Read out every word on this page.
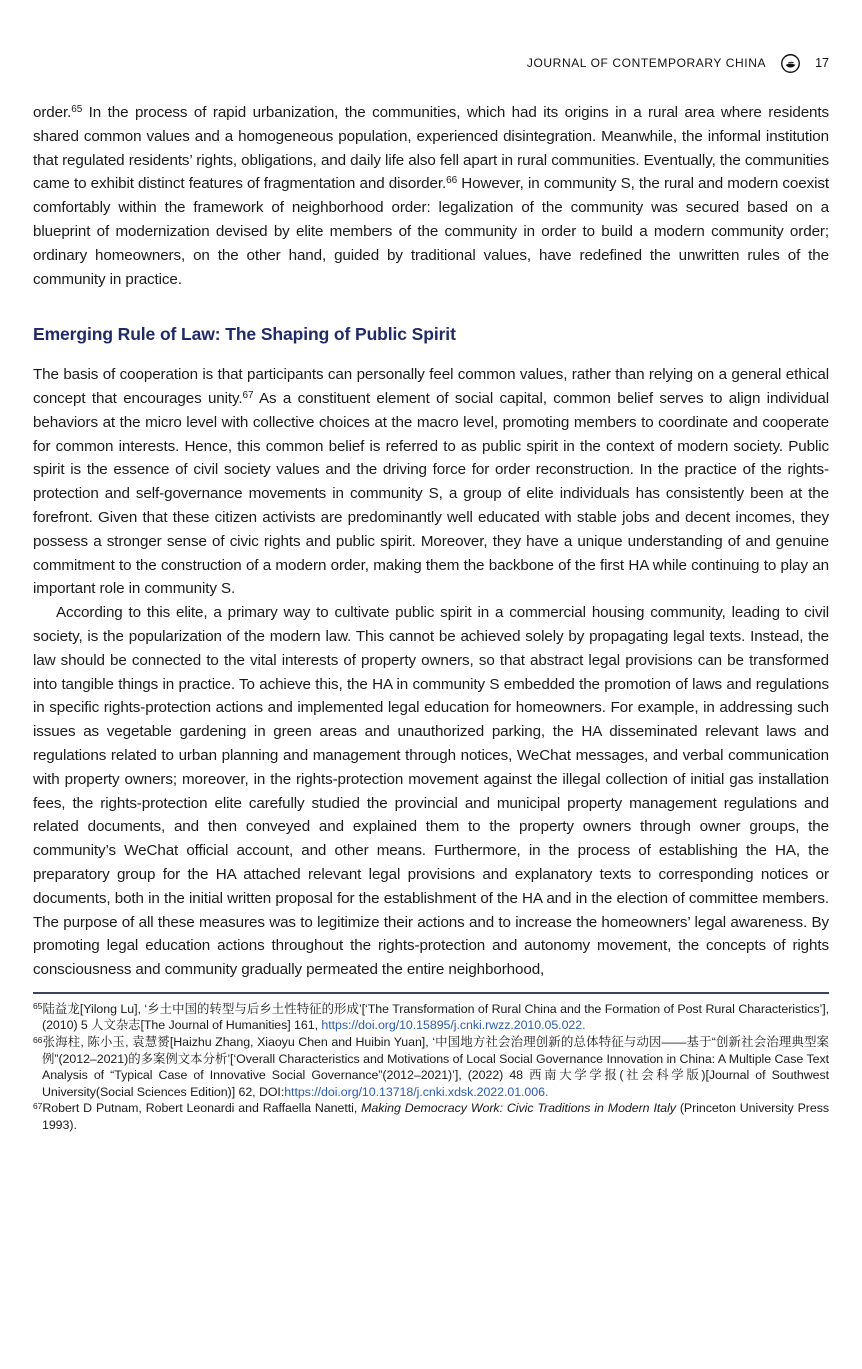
JOURNAL OF CONTEMPORARY CHINA	17

order.$^{65}$ In the process of rapid urbanization, the communities, which had its origins in a rural area where residents shared common values and a homogeneous population, experienced disintegration. Meanwhile, the informal institution that regulated residents’ rights, obligations, and daily life also fell apart in rural communities. Eventually, the communities came to exhibit distinct features of fragmentation and disorder.$^{66}$ However, in community S, the rural and modern coexist comfortably within the framework of neighborhood order: legalization of the community was secured based on a blueprint of modernization devised by elite members of the community in order to build a modern community order; ordinary homeowners, on the other hand, guided by traditional values, have redefined the unwritten rules of the community in practice.

Emerging Rule of Law: The Shaping of Public Spirit

The basis of cooperation is that participants can personally feel common values, rather than relying on a general ethical concept that encourages unity.$^{67}$ As a constituent element of social capital, common belief serves to align individual behaviors at the micro level with collective choices at the macro level, promoting members to coordinate and cooperate for common interests. Hence, this common belief is referred to as public spirit in the context of modern society. Public spirit is the essence of civil society values and the driving force for order reconstruction. In the practice of the rights-protection and self-governance movements in community S, a group of elite individuals has consistently been at the forefront. Given that these citizen activists are predominantly well educated with stable jobs and decent incomes, they possess a stronger sense of civic rights and public spirit. Moreover, they have a unique understanding of and genuine commitment to the construction of a modern order, making them the backbone of the first HA while continuing to play an important role in community S.

According to this elite, a primary way to cultivate public spirit in a commercial housing community, leading to civil society, is the popularization of the modern law. This cannot be achieved solely by propagating legal texts. Instead, the law should be connected to the vital interests of property owners, so that abstract legal provisions can be transformed into tangible things in practice. To achieve this, the HA in community S embedded the promotion of laws and regulations in specific rights-protection actions and implemented legal education for homeowners. For example, in addressing such issues as vegetable gardening in green areas and unauthorized parking, the HA disseminated relevant laws and regulations related to urban planning and management through notices, WeChat messages, and verbal communication with property owners; moreover, in the rights-protection movement against the illegal collection of initial gas installation fees, the rights-protection elite carefully studied the provincial and municipal property management regulations and related documents, and then conveyed and explained them to the property owners through owner groups, the community’s WeChat official account, and other means. Furthermore, in the process of establishing the HA, the preparatory group for the HA attached relevant legal provisions and explanatory texts to corresponding notices or documents, both in the initial written proposal for the establishment of the HA and in the election of committee members. The purpose of all these measures was to legitimize their actions and to increase the homeowners’ legal awareness. By promoting legal education actions throughout the rights-protection and autonomy movement, the concepts of rights consciousness and community gradually permeated the entire neighborhood,

$^{65}$陆益龙[Yilong Lu], ‘乡土中国的转型与后乡土性特征的形成’[‘The Transformation of Rural China and the Formation of Post Rural Characteristics’], (2010) 5 人文杂志[The Journal of Humanities] 161, https://doi.org/10.15895/j.cnki.rwzz.2010.05.022.

$^{66}$张海柱, 陈小玉, 袁慧赟[Haizhu Zhang, Xiaoyu Chen and Huibin Yuan], ‘中国地方社会治理创新的总体特征与动因——基于“创新社会治理典型案例”(2012–2021)的多案例文本分析’[‘Overall Characteristics and Motivations of Local Social Governance Innovation in China: A Multiple Case Text Analysis of “Typical Case of Innovative Social Governance”(2012–2021)’], (2022) 48 西南大学学报(社会科学版)[Journal of Southwest University(Social Sciences Edition)] 62, DOI:https://doi.org/10.13718/j.cnki.xdsk.2022.01.006.

$^{67}$Robert D Putnam, Robert Leonardi and Raffaella Nanetti, Making Democracy Work: Civic Traditions in Modern Italy (Princeton University Press 1993).
